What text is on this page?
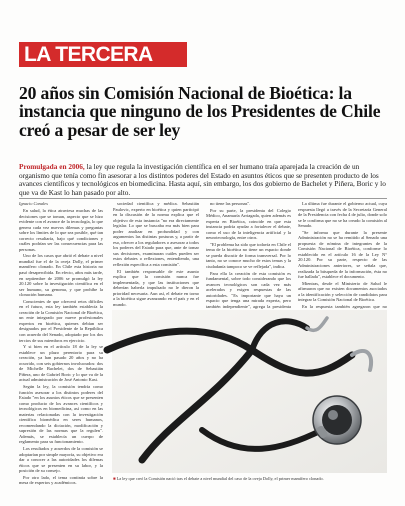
LA TERCERA
20 años sin Comisión Nacional de Bioética: la instancia que ninguno de los Presidentes de Chile creó a pesar de ser ley
Promulgada en 2006, la ley que regula la investigación científica en el ser humano traía aparejada la creación de un organismo que tenía como fin asesorar a los distintos poderes del Estado en asuntos éticos que se presenten producto de los avances científicos y tecnológicos en biomedicina. Hasta aquí, sin embargo, los dos gobierno de Bachelet y Piñera, Boric y lo que va de Kast lo han pasado por alto.
Ignacio Canales

En salud, la ética atraviesa muchas de las decisiones que se toman, aspecto que se hizo evidente con el avance de la tecnología, lo que genera cada vez nuevos dilemas y preguntas sobre los límites de lo que sea posible, qué tan correcto resultaría, bajo qué condiciones y cuáles podrían ser las consecuencias para las personas.

Uno de los casos que abrió el debate a nivel mundial fue el de la oveja Dolly, el primer mamífero clonado. En Chile esta historia no pasó desapercibida. En efecto, años más tarde, en septiembre de 2006 se promulgó la ley 20.120 sobre la investigación científica en el ser humano, su genoma, y que prohíbe la clonación humana.

Conscientes de que ofrecerá retos difíciles en el futuro, esta ley también establecía la creación de la Comisión Nacional de Bioética, un ente integrado por nueve profesionales expertos en bioética, quienes debían ser designados por el Presidente de la República con acuerdo del Senado, adoptado por los dos tercios de sus miembros en ejercicio.

Y si bien en el artículo 18 de la ley se establece un plazo perentorio para su creación, ya han pasado 20 años y no ha ocurrido, con seis gobiernos involucrados: dos de Michelle Bachelet, dos de Sebastián Piñera, uno de Gabriel Boric y lo que va de la actual administración de José Antonio Kast.

Según la ley, la comisión tendría como función asesorar a los distintos poderes del Estado "en los asuntos éticos que se presenten como producto de los avances científicos y tecnológicos en biomedicina, así como en las materias relacionadas con la investigación científica biomédica en seres humanos, recomendando la dictación, modificación y supresión de las normas que la regulen". Además, se establecía un cuerpo de reglamento para su funcionamiento.

Los resultados y acuerdos de la comisión se adoptarían por simple mayoría, su objetivo era dar a conocer a las autoridades los dilemas éticos que se presenten en su labor, y la posición de su consejo.

Por otro lado, el tema continúa sobre la mesa de expertos y académicos.

sociedad científica y médica. Sebastián Paulovic, experto en bioética y quien participó en la discusión de la norma explica que el objetivo de esta instancia "no era directamente legislar. Lo que se buscaba era más bien para poder analizar en profundidad y con argumentos las distintas posturas y, a partir de eso, ofrecer a los reguladores o asesorar a todos los poderes del Estado para que, ante de tomar sus decisiones, examinaran cuáles pueden ser estos debates o reflexiones, entendiendo, una reflexión específica a esta comisión".

El también responsable de este asunto explica que la comisión nunca fue implementada, y que las instituciones que deberían haberla impulsado no le dieron la prioridad necesaria. Aun así, el debate en torno a la bioética sigue avanzando en el país y en el mundo.

no tiene las personas".

Por su parte, la presidenta del Colegio Médico, Anamaría Arriagada, quien además es experta en Bioética, coincide en que esta instancia podría ayudar a fortalecer el debate, como el uso de la inteligencia artificial y la neurotecnología, entre otros.

"El problema ha sido que todavía en Chile el tema de la bioética no tiene un espacio donde se pueda discutir de forma transversal. Por lo tanto, no se conoce mucho de estos temas y la ciudadanía tampoco se ve reflejada", indica.

Para ella la creación de esta comisión es fundamental, sobre todo considerando que los avances tecnológicos son cada vez más acelerados y exigen respuestas de las autoridades. "Es importante que haya un espacio que tenga una mirada experta, pero también independiente", agrega la presidenta

La última fue durante el gobierno actual, cuya respuesta llegó a través de la Secretaría General de la Presidencia con fecha 4 de julio, donde solo se le confirma que no se ha creado la comisión al Senado.

"Se informa que durante la presente Administración no se ha remitido al Senado una propuesta de nómina de integrantes de la Comisión Nacional de Bioética, conforme lo establecido en el artículo 16 de la Ley N° 20.120. Por su parte, respecto de las Administraciones anteriores, se señala que, realizada la búsqueda de la información, ésta no fue hallada", establece el documento.

Mientras, desde el Ministerio de Salud le afirmaron que no existen documentos asociados a la identificación y selección de candidatos para integrar la Comisión Nacional de Bioética.

En la respuesta también agregaron que no

■La ley que creó la Comisión nació tras el debate a nivel mundial del caso de la oveja Dolly, el primer mamífero clonado.
